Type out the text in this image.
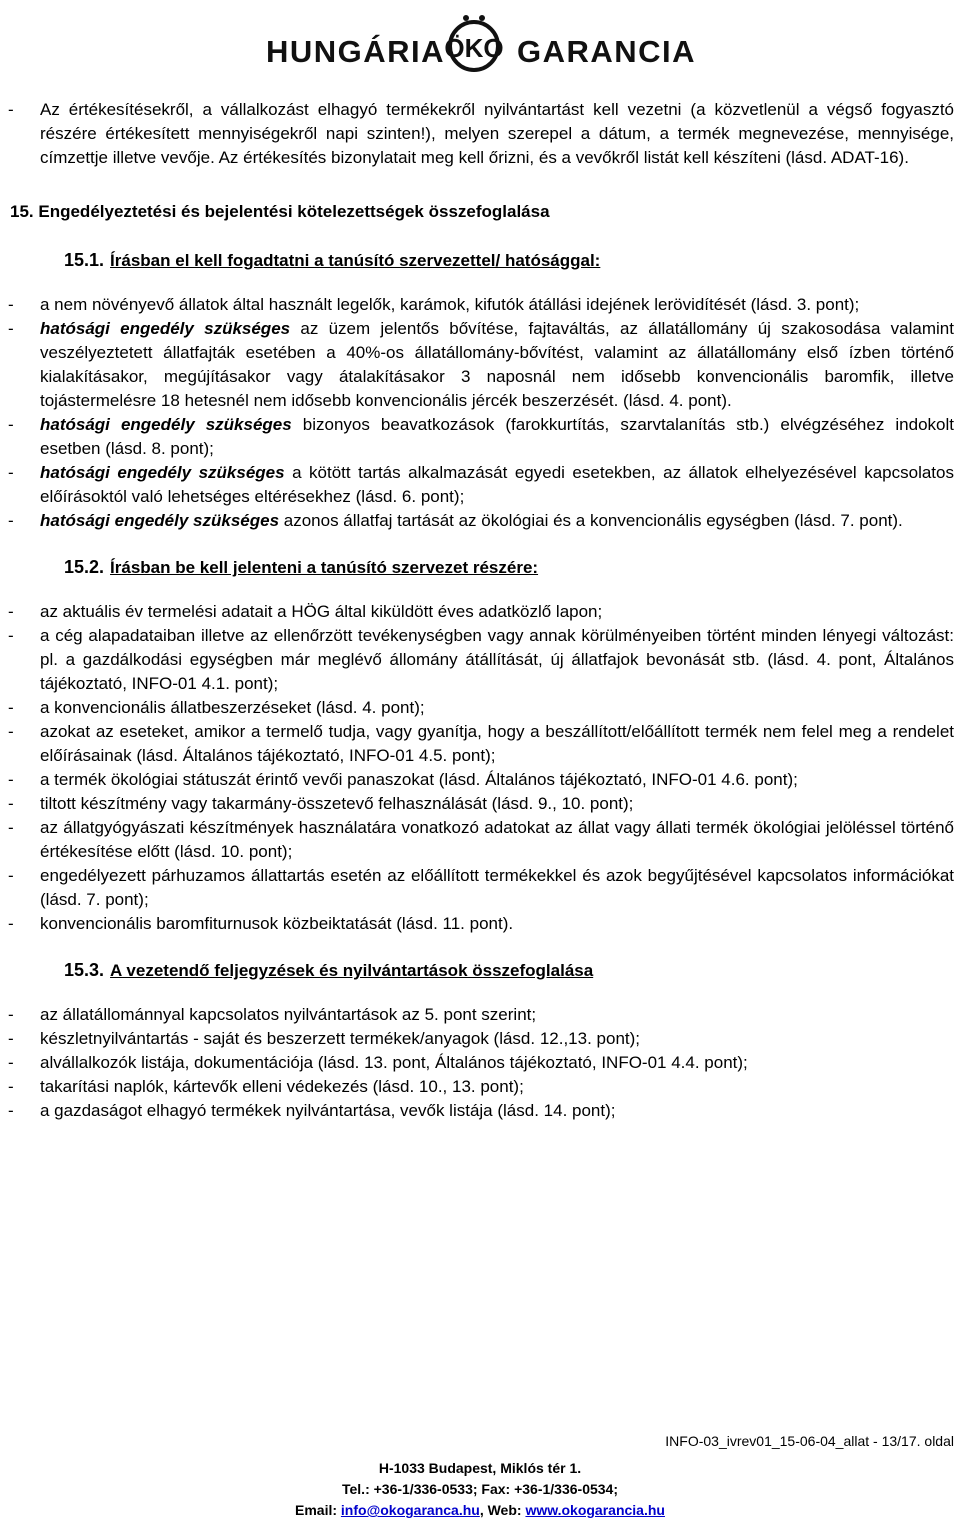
HUNGÁRIA ÖKO GARANCIA
- Az értékesítésekről, a vállalkozást elhagyó termékekről nyilvántartást kell vezetni (a közvetlenül a végső fogyasztó részére értékesített mennyiségekről napi szinten!), melyen szerepel a dátum, a termék megnevezése, mennyisége, címzettje illetve vevője. Az értékesítés bizonylatait meg kell őrizni, és a vevőkről listát kell készíteni (lásd. ADAT-16).
15. Engedélyeztetési és bejelentési kötelezettségek összefoglalása
15.1. Írásban el kell fogadtatni a tanúsító szervezettel/ hatósággal:
- a nem növényevő állatok által használt legelők, karámok, kifutók átállási idejének lerövidítését (lásd. 3. pont);
- hatósági engedély szükséges az üzem jelentős bővítése, fajtaváltás, az állatállomány új szakosodása valamint veszélyeztetett állatfajták esetében a 40%-os állatállomány-bővítést, valamint az állatállomány első ízben történő kialakításakor, megújításakor vagy átalakításakor 3 naposnál nem idősebb konvencionális baromfik, illetve tojástermelésre 18 hetesnél nem idősebb konvencionális jércék beszerzését. (lásd. 4. pont).
- hatósági engedély szükséges bizonyos beavatkozások (farokkurtítás, szarvtalanítás stb.) elvégzéséhez indokolt esetben (lásd. 8. pont);
- hatósági engedély szükséges a kötött tartás alkalmazását egyedi esetekben, az állatok elhelyezésével kapcsolatos előírásoktól való lehetséges eltérésekhez (lásd. 6. pont);
- hatósági engedély szükséges azonos állatfaj tartását az ökológiai és a konvencionális egységben (lásd. 7. pont).
15.2. Írásban be kell jelenteni a tanúsító szervezet részére:
- az aktuális év termelési adatait a HÖG által kiküldött éves adatközlő lapon;
- a cég alapadataiban illetve az ellenőrzött tevékenységben vagy annak körülményeiben történt minden lényegi változást: pl. a gazdálkodási egységben már meglévő állomány átállítását, új állatfajok bevonását stb. (lásd. 4. pont, Általános tájékoztató, INFO-01 4.1. pont);
- a konvencionális állatbeszerzéseket (lásd. 4. pont);
- azokat az eseteket, amikor a termelő tudja, vagy gyanítja, hogy a beszállított/előállított termék nem felel meg a rendelet előírásainak (lásd. Általános tájékoztató, INFO-01 4.5. pont);
- a termék ökológiai státuszát érintő vevői panaszokat (lásd. Általános tájékoztató, INFO-01 4.6. pont);
- tiltott készítmény vagy takarmány-összetevő felhasználását (lásd. 9., 10. pont);
- az állatgyógyászati készítmények használatára vonatkozó adatokat az állat vagy állati termék ökológiai jelöléssel történő értékesítése előtt (lásd. 10. pont);
- engedélyezett párhuzamos állattartás esetén az előállított termékekkel és azok begyűjtésével kapcsolatos információkat (lásd. 7. pont);
- konvencionális baromfiturnusok közbeiktatását (lásd. 11. pont).
15.3. A vezetendő feljegyzések és nyilvántartások összefoglalása
- az állatállománnyal kapcsolatos nyilvántartások az 5. pont szerint;
- készletnyilvántartás - saját és beszerzett termékek/anyagok (lásd. 12.,13. pont);
- alvállalkozók listája, dokumentációja (lásd. 13. pont, Általános tájékoztató, INFO-01 4.4. pont);
- takarítási naplók, kártevők elleni védekezés (lásd. 10., 13. pont);
- a gazdaságot elhagyó termékek nyilvántartása, vevők listája (lásd. 14. pont);
INFO-03_ivrev01_15-06-04_allat - 13/17. oldal
H-1033 Budapest, Miklós tér 1.
Tel.: +36-1/336-0533; Fax: +36-1/336-0534;
Email: info@okogaranca.hu, Web: www.okogarancia.hu
